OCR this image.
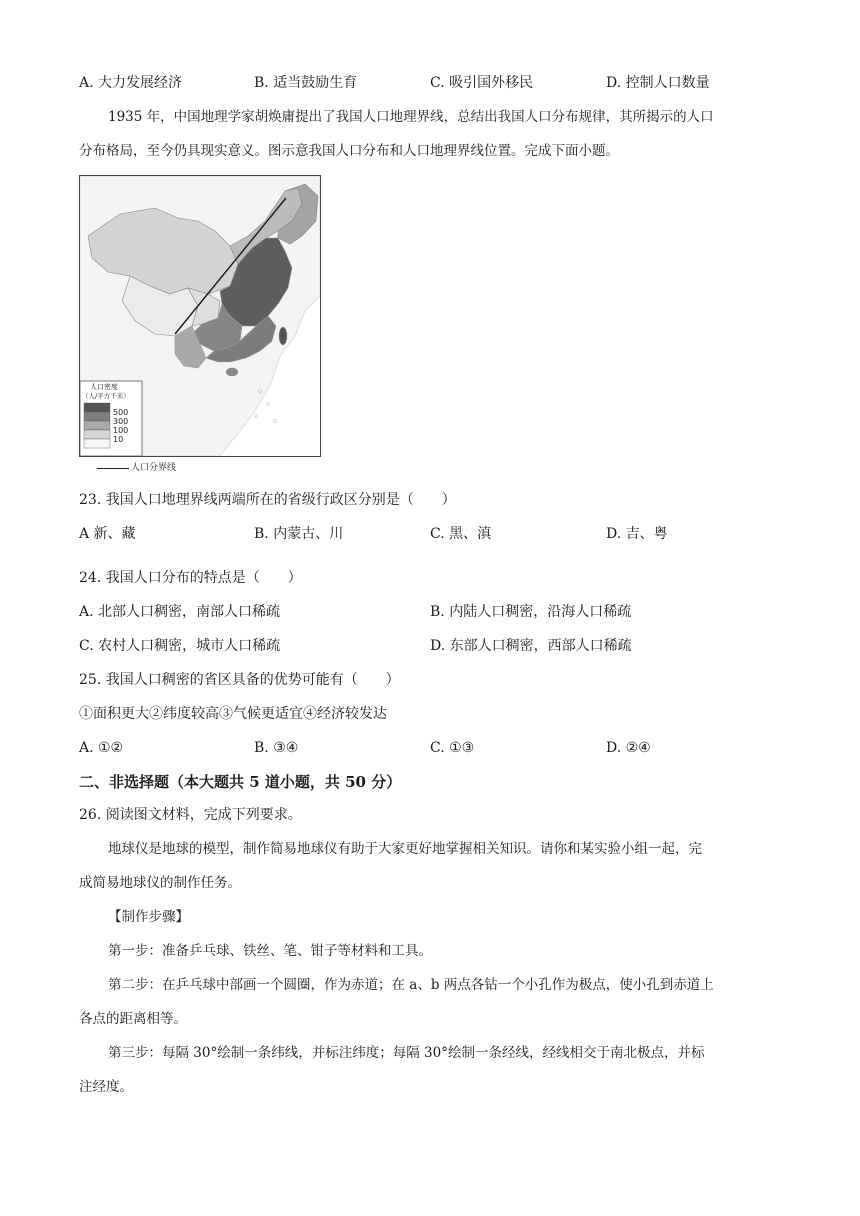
A. 大力发展经济	B. 适当鼓励生育	C. 吸引国外移民	D. 控制人口数量
1935 年，中国地理学家胡焕庸提出了我国人口地理界线，总结出我国人口分布规律，其所揭示的人口
分布格局，至今仍具现实意义。图示意我国人口分布和人口地理界线位置。完成下面小题。
人口密度
（人/平方千米）
500
300
100
10
人口分界线
23. 我国人口地理界线两端所在的省级行政区分别是（　　）
A 新、藏	B. 内蒙古、川	C. 黑、滇	D. 吉、粤
24. 我国人口分布的特点是（　　）
A. 北部人口稠密，南部人口稀疏	B. 内陆人口稠密，沿海人口稀疏
C. 农村人口稠密，城市人口稀疏	D. 东部人口稠密，西部人口稀疏
25. 我国人口稠密的省区具备的优势可能有（　　）
①面积更大②纬度较高③气候更适宜④经济较发达
A. ①②	B. ③④	C. ①③	D. ②④
二、非选择题（本大题共 5 道小题，共 50 分）
26. 阅读图文材料，完成下列要求。
地球仪是地球的模型，制作简易地球仪有助于大家更好地掌握相关知识。请你和某实验小组一起，完
成简易地球仪的制作任务。
【制作步骤】
第一步：准备乒乓球、铁丝、笔、钳子等材料和工具。
第二步：在乒乓球中部画一个圆圈，作为赤道；在 a、b 两点各钻一个小孔作为极点，使小孔到赤道上
各点的距离相等。
第三步：每隔 30°绘制一条纬线，并标注纬度；每隔 30°绘制一条经线，经线相交于南北极点，并标
注经度。
